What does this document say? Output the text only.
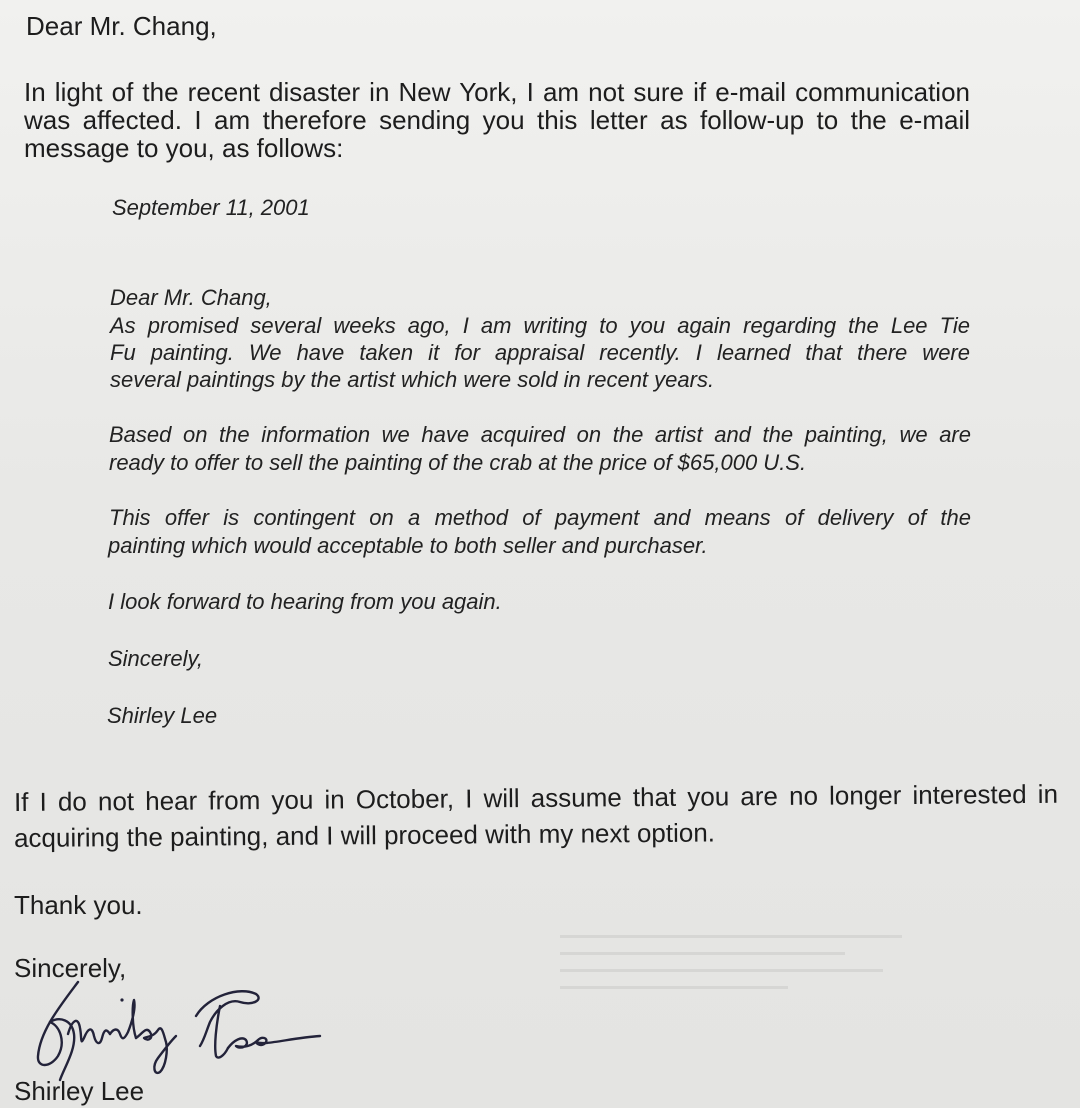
Dear Mr. Chang,

In light of the recent disaster in New York, I am not sure if e-mail communication

was affected. I am therefore sending you this letter as follow-up to the e-mail

message to you, as follows:

September 11, 2001

Dear Mr. Chang,

As promised several weeks ago, I am writing to you again regarding the Lee Tie

Fu painting. We have taken it for appraisal recently. I learned that there were

several paintings by the artist which were sold in recent years.

Based on the information we have acquired on the artist and the painting, we are

ready to offer to sell the painting of the crab at the price of $65,000 U.S.

This offer is contingent on a method of payment and means of delivery of the

painting which would acceptable to both seller and purchaser.

I look forward to hearing from you again.

Sincerely,

Shirley Lee

If I do not hear from you in October, I will assume that you are no longer interested in

acquiring the painting, and I will proceed with my next option.

Thank you.

Sincerely,

Shirley Lee
